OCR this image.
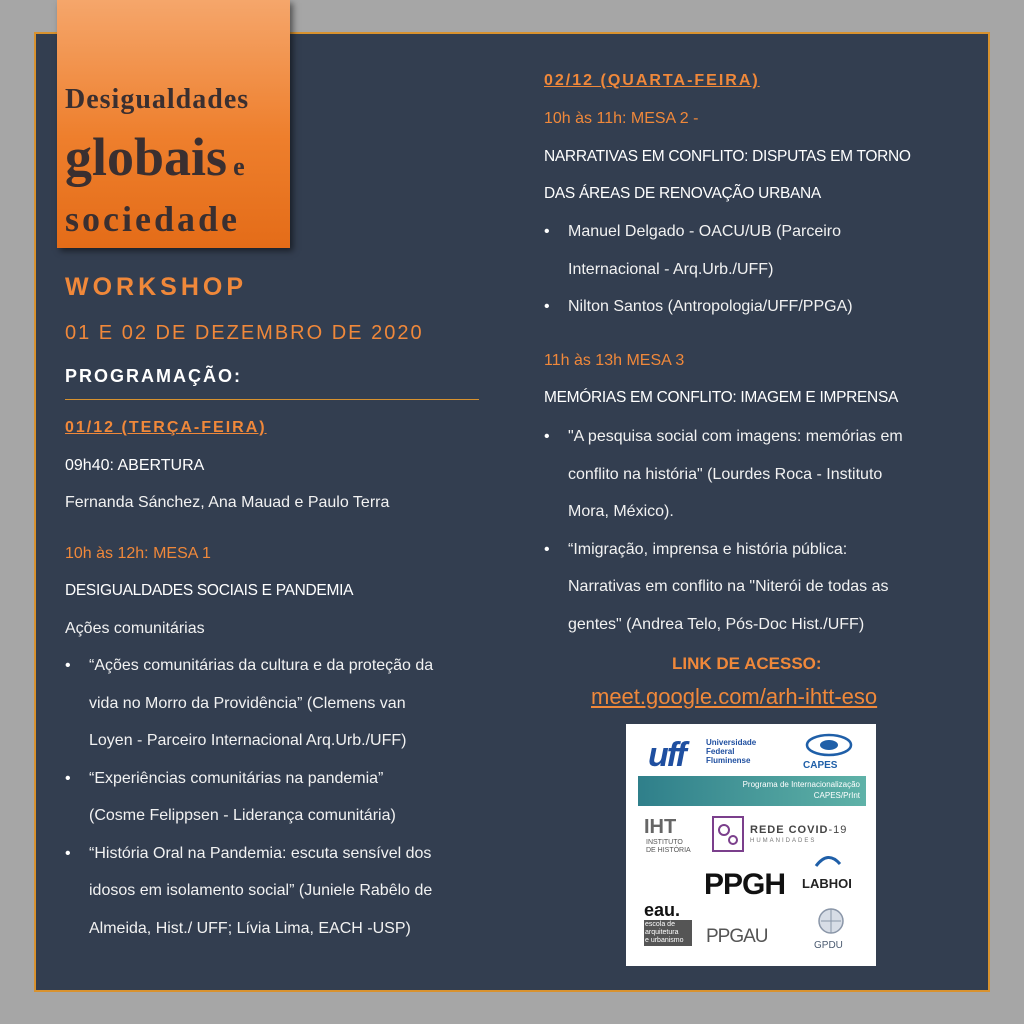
Desigualdades
globais e
sociedade
WORKSHOP
01 E 02 DE DEZEMBRO DE 2020
PROGRAMAÇÃO:
01/12 (TERÇA-FEIRA)
09h40: ABERTURA
Fernanda Sánchez, Ana Mauad e Paulo Terra
10h às 12h: MESA 1
DESIGUALDADES SOCIAIS E PANDEMIA
Ações comunitárias
• “Ações comunitárias da cultura e da proteção da
vida no Morro da Providência” (Clemens van
Loyen - Parceiro Internacional Arq.Urb./UFF)
• “Experiências comunitárias na pandemia”
(Cosme Felippsen - Liderança comunitária)
• “História Oral na Pandemia: escuta sensível dos
idosos em isolamento social” (Juniele Rabêlo de
Almeida, Hist./ UFF; Lívia Lima, EACH -USP)
02/12 (QUARTA-FEIRA)
10h às 11h: MESA 2 -
NARRATIVAS EM CONFLITO: DISPUTAS EM TORNO
DAS ÁREAS DE RENOVAÇÃO URBANA
• Manuel Delgado - OACU/UB (Parceiro
Internacional - Arq.Urb./UFF)
• Nilton Santos (Antropologia/UFF/PPGA)
11h às 13h MESA 3
MEMÓRIAS EM CONFLITO: IMAGEM E IMPRENSA
• "A pesquisa social com imagens: memórias em
conflito na história" (Lourdes Roca - Instituto
Mora, México).
• “Imigração, imprensa e história pública:
Narrativas em conflito na "Niterói de todas as
gentes" (Andrea Telo, Pós-Doc Hist./UFF)
LINK DE ACESSO:
meet.google.com/arh-ihtt-eso
uff	Universidade
Federal
Fluminense	CAPES
Programa de Internacionalização
CAPES/PrInt
IHT
INSTITUTO
DE HISTÓRIA
REDE COVID-19
HUMANIDADES
PPGH LABHOI
eau.
escola de
arquitetura
e urbanismo	PPGAU	GPDU
